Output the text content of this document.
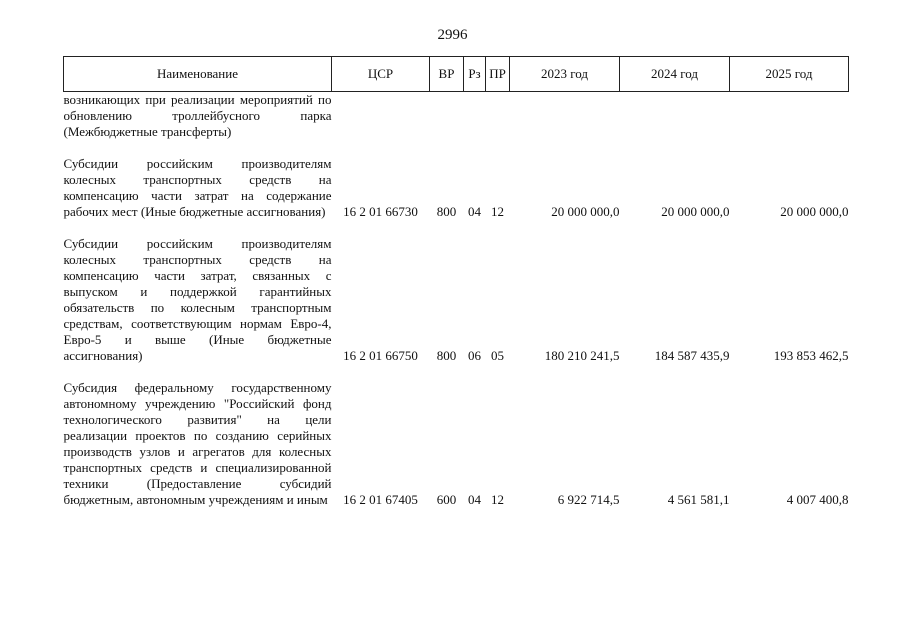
2996
Наименование	ЦСР	ВР	Рз	ПР	2023 год	2024 год	2025 год
возникающих при реализации мероприятий по обновлению троллейбусного парка (Межбюджетные трансферты)							
Субсидии российским производителям колесных транспортных средств на компенсацию части затрат на содержание рабочих мест (Иные бюджетные ассигнования)	16 2 01 66730	800	04	12	20 000 000,0	20 000 000,0	20 000 000,0
Субсидии российским производителям колесных транспортных средств на компенсацию части затрат, связанных с выпуском и поддержкой гарантийных обязательств по колесным транспортным средствам, соответствующим нормам Евро-4, Евро-5 и выше (Иные бюджетные ассигнования)	16 2 01 66750	800	06	05	180 210 241,5	184 587 435,9	193 853 462,5
Субсидия федеральному государственному автономному учреждению "Российский фонд технологического развития" на цели реализации проектов по созданию серийных производств узлов и агрегатов для колесных транспортных средств и специализированной техники (Предоставление субсидий бюджетным, автономным учреждениям и иным	16 2 01 67405	600	04	12	6 922 714,5	4 561 581,1	4 007 400,8
